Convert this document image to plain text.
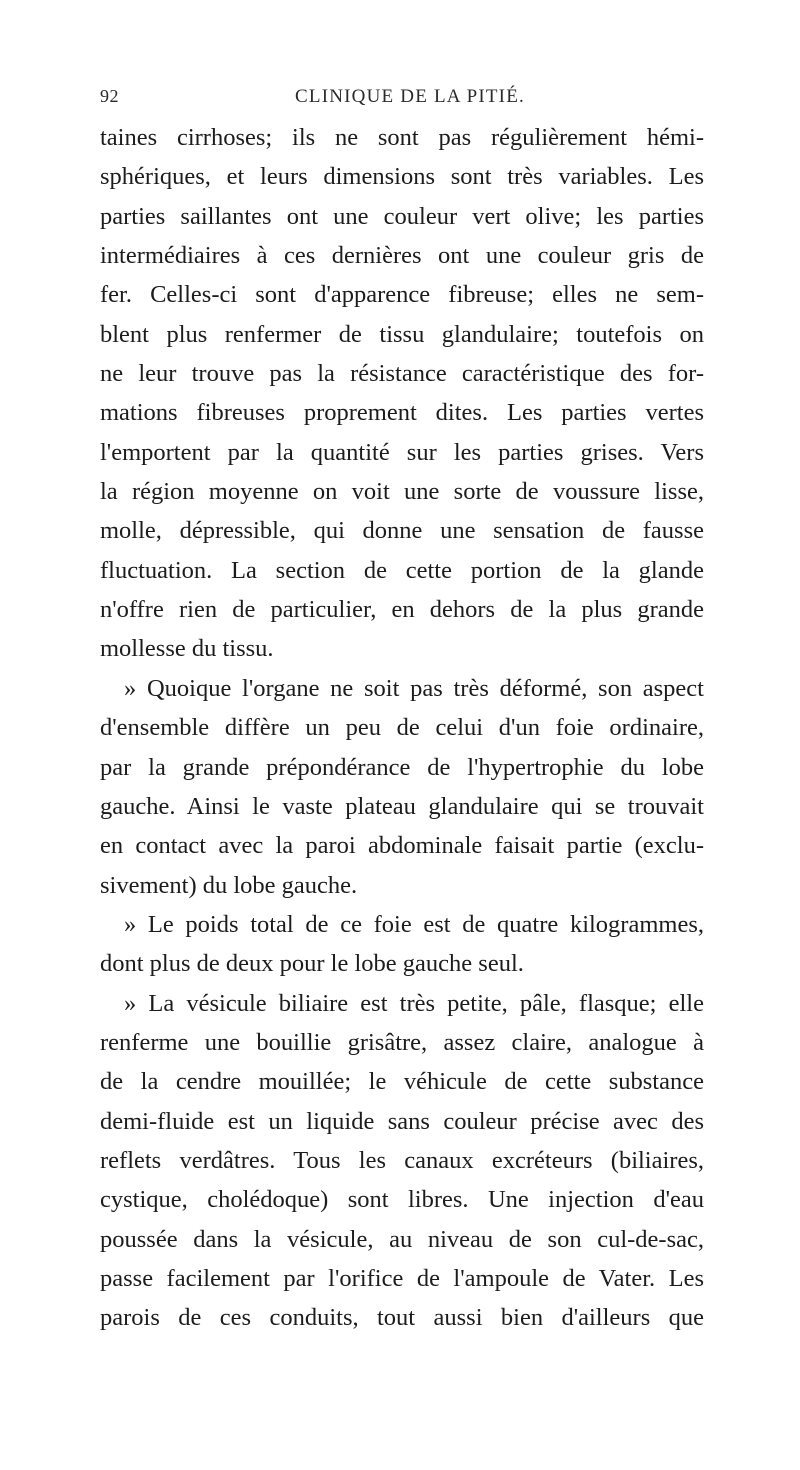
92	CLINIQUE DE LA PITIÉ.
taines cirrhoses; ils ne sont pas régulièrement hémi-
sphériques, et leurs dimensions sont très variables. Les
parties saillantes ont une couleur vert olive; les parties
intermédiaires à ces dernières ont une couleur gris de
fer. Celles-ci sont d'apparence fibreuse; elles ne sem-
blent plus renfermer de tissu glandulaire; toutefois on
ne leur trouve pas la résistance caractéristique des for-
mations fibreuses proprement dites. Les parties vertes
l'emportent par la quantité sur les parties grises. Vers
la région moyenne on voit une sorte de voussure lisse,
molle, dépressible, qui donne une sensation de fausse
fluctuation. La section de cette portion de la glande
n'offre rien de particulier, en dehors de la plus grande
mollesse du tissu.
» Quoique l'organe ne soit pas très déformé, son aspect
d'ensemble diffère un peu de celui d'un foie ordinaire,
par la grande prépondérance de l'hypertrophie du lobe
gauche. Ainsi le vaste plateau glandulaire qui se trouvait
en contact avec la paroi abdominale faisait partie (exclu-
sivement) du lobe gauche.
» Le poids total de ce foie est de quatre kilogrammes,
dont plus de deux pour le lobe gauche seul.
» La vésicule biliaire est très petite, pâle, flasque; elle
renferme une bouillie grisâtre, assez claire, analogue à
de la cendre mouillée; le véhicule de cette substance
demi-fluide est un liquide sans couleur précise avec des
reflets verdâtres. Tous les canaux excréteurs (biliaires,
cystique, cholédoque) sont libres. Une injection d'eau
poussée dans la vésicule, au niveau de son cul-de-sac,
passe facilement par l'orifice de l'ampoule de Vater. Les
parois de ces conduits, tout aussi bien d'ailleurs que
